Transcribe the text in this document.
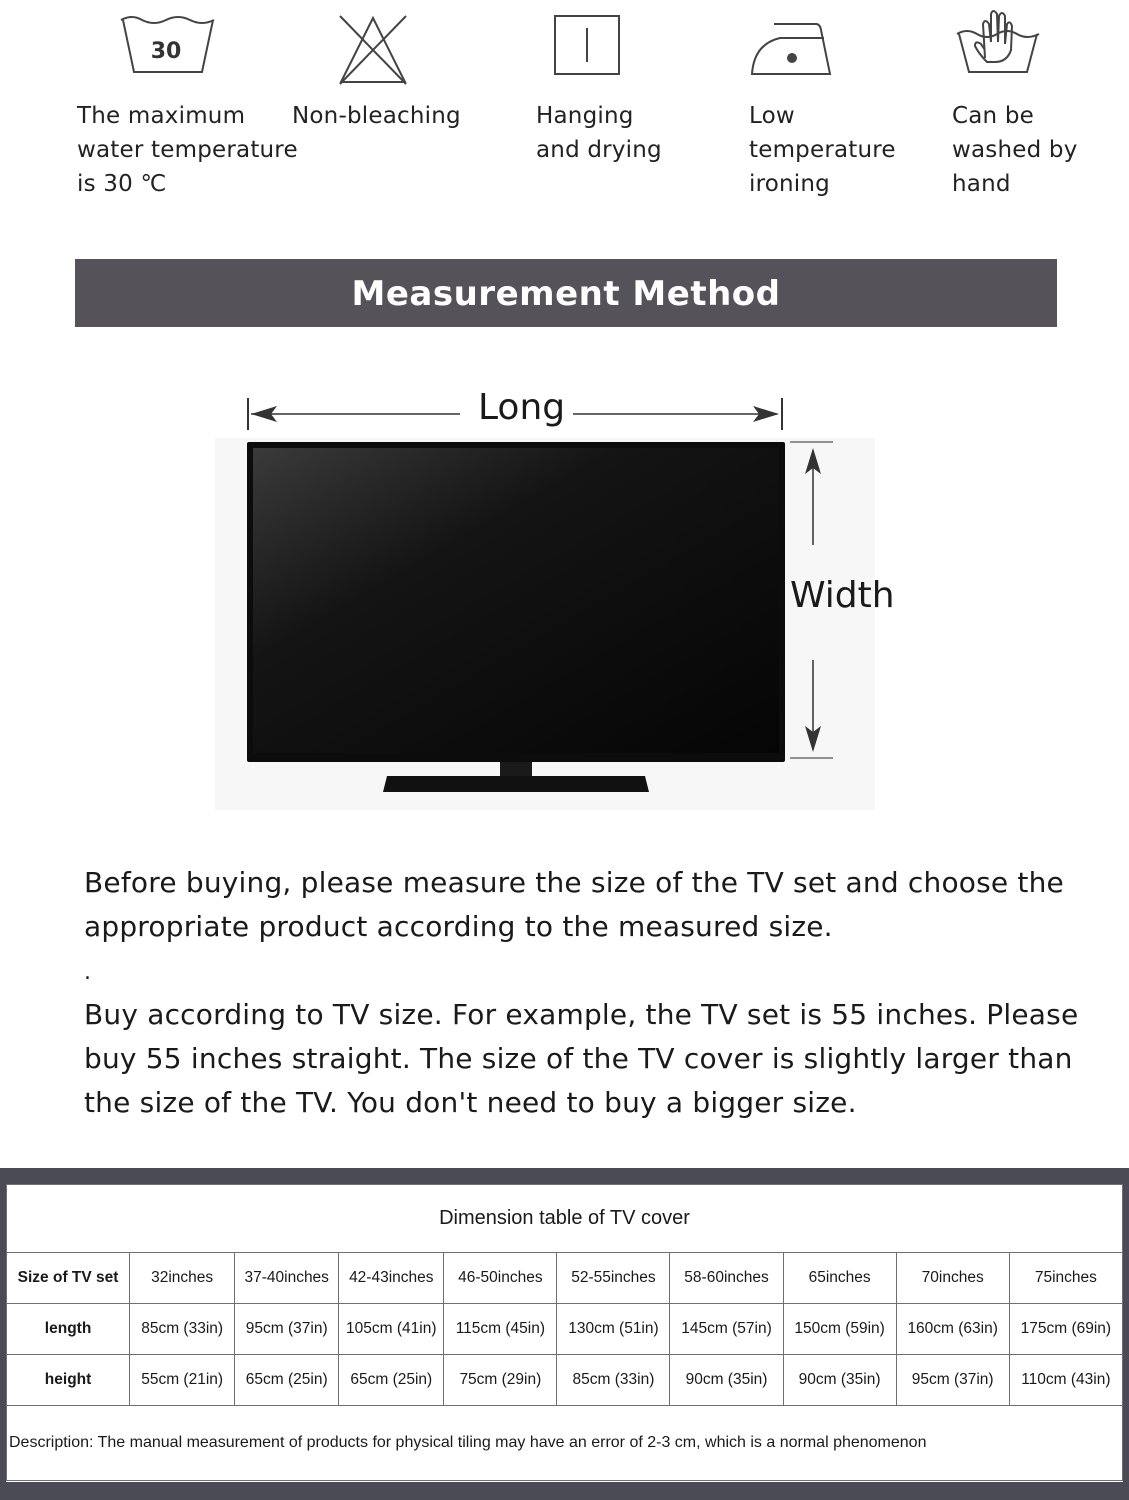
30
The maximum
water temperature
is 30 ℃
Non-bleaching	Hanging
and drying
Low
temperature
ironing
Can be
washed by
hand
Measurement Method
Long
Width
Before buying, please measure the size of the TV set and choose the appropriate product according to the measured size.
.
Buy according to TV size. For example, the TV set is 55 inches. Please buy 55 inches straight. The size of the TV cover is slightly larger than the size of the TV. You don't need to buy a bigger size.
Dimension table of TV cover									
Size of TV set	32inches	37-40inches	42-43inches	46-50inches	52-55inches	58-60inches	65inches	70inches	75inches
length	85cm (33in)	95cm (37in)	105cm (41in)	115cm (45in)	130cm (51in)	145cm (57in)	150cm (59in)	160cm (63in)	175cm (69in)
height	55cm (21in)	65cm (25in)	65cm (25in)	75cm (29in)	85cm (33in)	90cm (35in)	90cm (35in)	95cm (37in)	110cm (43in)
Description: The manual measurement of products for physical tiling may have an error of 2-3 cm, which is a normal phenomenon									
